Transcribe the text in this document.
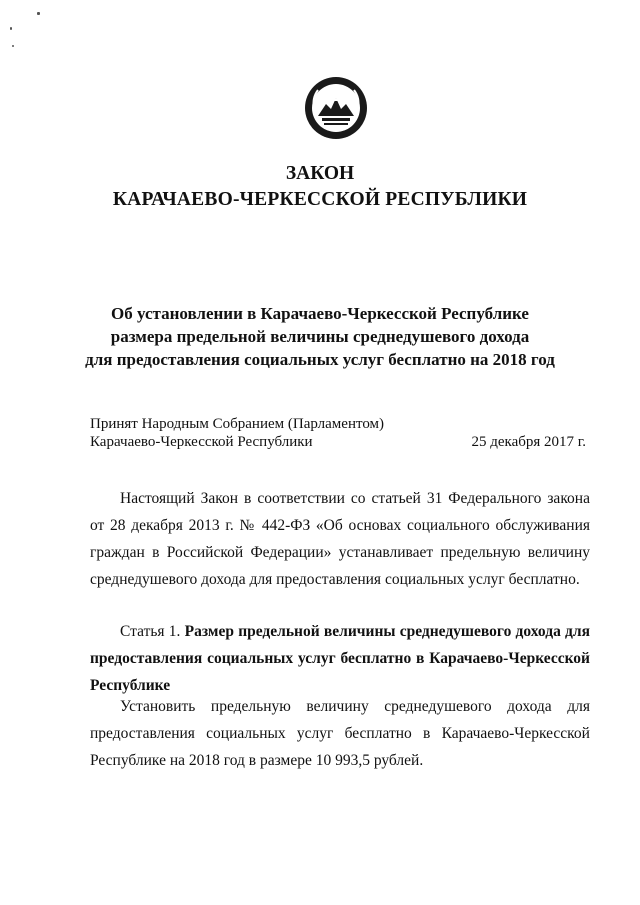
ЗАКОН
КАРАЧАЕВО-ЧЕРКЕССКОЙ РЕСПУБЛИКИ
Об установлении в Карачаево-Черкесской Республике
размера предельной величины среднедушевого дохода
для предоставления социальных услуг бесплатно на 2018 год
Принят Народным Собранием (Парламентом)
Карачаево-Черкесской Республики	25 декабря 2017 г.
Настоящий Закон в соответствии со статьей 31 Федерального закона от 28 декабря 2013 г. № 442-ФЗ «Об основах социального обслуживания граждан в Российской Федерации» устанавливает предельную величину среднедушевого дохода для предоставления социальных услуг бесплатно.
Статья 1. Размер предельной величины среднедушевого дохода для предоставления социальных услуг бесплатно в Карачаево-Черкесской Республике
Установить предельную величину среднедушевого дохода для
предоставления социальных услуг бесплатно в Карачаево-Черкесской
Республике на 2018 год в размере 10 993,5 рублей.
